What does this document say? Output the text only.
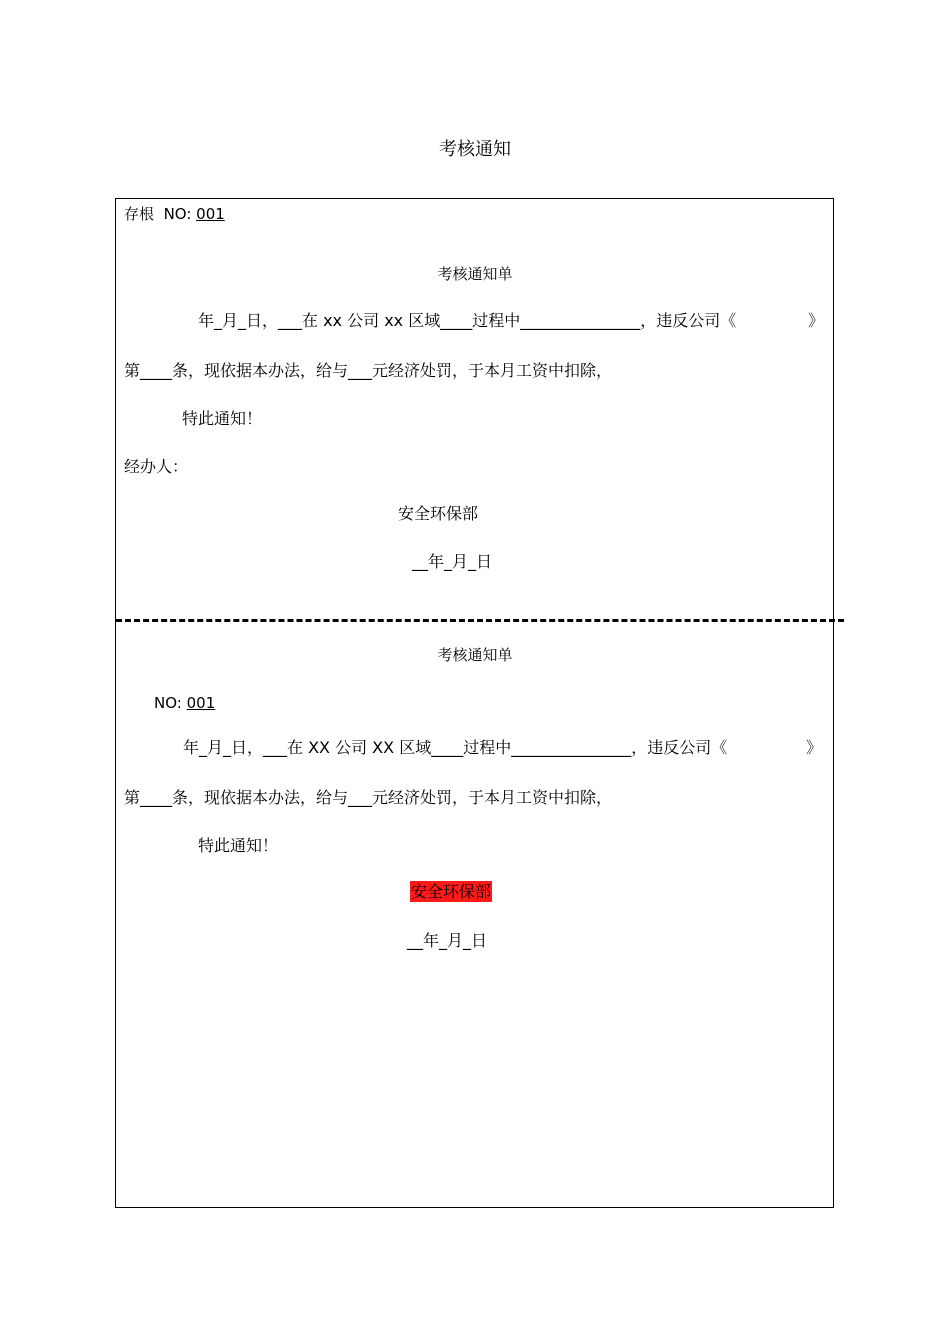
考核通知
存根 NO: 001
考核通知单
年_月_日，___在 xx 公司 xx 区域____过程中_______________，违反公司《	》
第____条，现依据本办法，给与___元经济处罚，于本月工资中扣除，
特此通知！
经办人：
安全环保部
__年_月_日
考核通知单
NO: 001
年_月_日，___在 XX 公司 XX 区域____过程中_______________，违反公司《	》
第____条，现依据本办法，给与___元经济处罚，于本月工资中扣除，
特此通知！
安全环保部
__年_月_日
